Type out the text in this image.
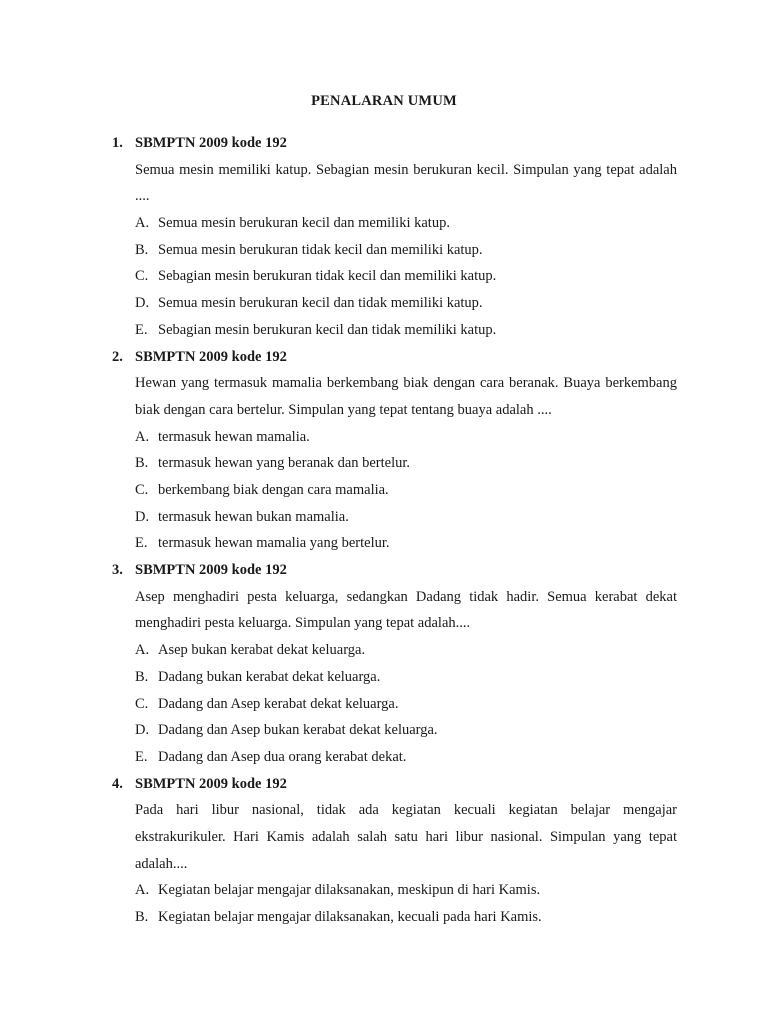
PENALARAN UMUM
1. SBMPTN 2009 kode 192
Semua mesin memiliki katup. Sebagian mesin berukuran kecil. Simpulan yang tepat adalah ....
A. Semua mesin berukuran kecil dan memiliki katup.
B. Semua mesin berukuran tidak kecil dan memiliki katup.
C. Sebagian mesin berukuran tidak kecil dan memiliki katup.
D. Semua mesin berukuran kecil dan tidak memiliki katup.
E. Sebagian mesin berukuran kecil dan tidak memiliki katup.
2. SBMPTN 2009 kode 192
Hewan yang termasuk mamalia berkembang biak dengan cara beranak. Buaya berkembang biak dengan cara bertelur. Simpulan yang tepat tentang buaya adalah ....
A. termasuk hewan mamalia.
B. termasuk hewan yang beranak dan bertelur.
C. berkembang biak dengan cara mamalia.
D. termasuk hewan bukan mamalia.
E. termasuk hewan mamalia yang bertelur.
3. SBMPTN 2009 kode 192
Asep menghadiri pesta keluarga, sedangkan Dadang tidak hadir. Semua kerabat dekat menghadiri pesta keluarga. Simpulan yang tepat adalah....
A. Asep bukan kerabat dekat keluarga.
B. Dadang bukan kerabat dekat keluarga.
C. Dadang dan Asep kerabat dekat keluarga.
D. Dadang dan Asep bukan kerabat dekat keluarga.
E. Dadang dan Asep dua orang kerabat dekat.
4. SBMPTN 2009 kode 192
Pada hari libur nasional, tidak ada kegiatan kecuali kegiatan belajar mengajar ekstrakurikuler. Hari Kamis adalah salah satu hari libur nasional. Simpulan yang tepat adalah....
A. Kegiatan belajar mengajar dilaksanakan, meskipun di hari Kamis.
B. Kegiatan belajar mengajar dilaksanakan, kecuali pada hari Kamis.
